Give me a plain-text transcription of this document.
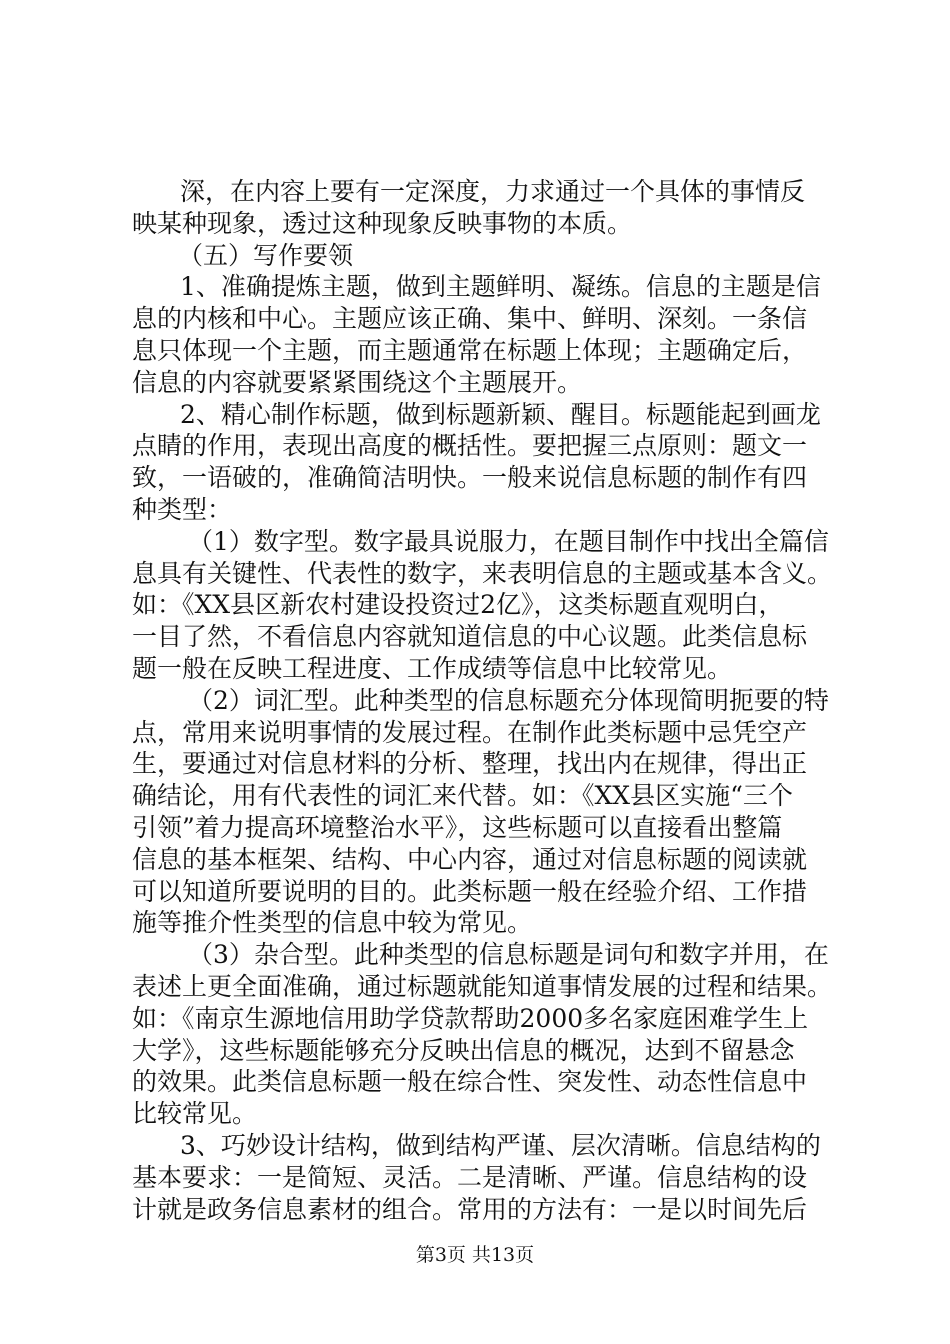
深，在内容上要有一定深度，力求通过一个具体的事情反
映某种现象，透过这种现象反映事物的本质。
（五）写作要领
1、准确提炼主题，做到主题鲜明、凝练。信息的主题是信
息的内核和中心。主题应该正确、集中、鲜明、深刻。一条信
息只体现一个主题，而主题通常在标题上体现；主题确定后，
信息的内容就要紧紧围绕这个主题展开。
2、精心制作标题，做到标题新颖、醒目。标题能起到画龙
点睛的作用，表现出高度的概括性。要把握三点原则：题文一
致，一语破的，准确简洁明快。一般来说信息标题的制作有四
种类型：
（1）数字型。数字最具说服力，在题目制作中找出全篇信
息具有关键性、代表性的数字，来表明信息的主题或基本含义。
如：《XX县区新农村建设投资过2亿》，这类标题直观明白，
一目了然，不看信息内容就知道信息的中心议题。此类信息标
题一般在反映工程进度、工作成绩等信息中比较常见。
（2）词汇型。此种类型的信息标题充分体现简明扼要的特
点，常用来说明事情的发展过程。在制作此类标题中忌凭空产
生，要通过对信息材料的分析、整理，找出内在规律，得出正
确结论，用有代表性的词汇来代替。如：《XX县区实施“三个
引领”着力提高环境整治水平》，这些标题可以直接看出整篇
信息的基本框架、结构、中心内容，通过对信息标题的阅读就
可以知道所要说明的目的。此类标题一般在经验介绍、工作措
施等推介性类型的信息中较为常见。
（3）杂合型。此种类型的信息标题是词句和数字并用，在
表述上更全面准确，通过标题就能知道事情发展的过程和结果。
如：《南京生源地信用助学贷款帮助2000多名家庭困难学生上
大学》，这些标题能够充分反映出信息的概况，达到不留悬念
的效果。此类信息标题一般在综合性、突发性、动态性信息中
比较常见。
3、巧妙设计结构，做到结构严谨、层次清晰。信息结构的
基本要求：一是简短、灵活。二是清晰、严谨。信息结构的设
计就是政务信息素材的组合。常用的方法有：一是以时间先后
第3页 共13页
